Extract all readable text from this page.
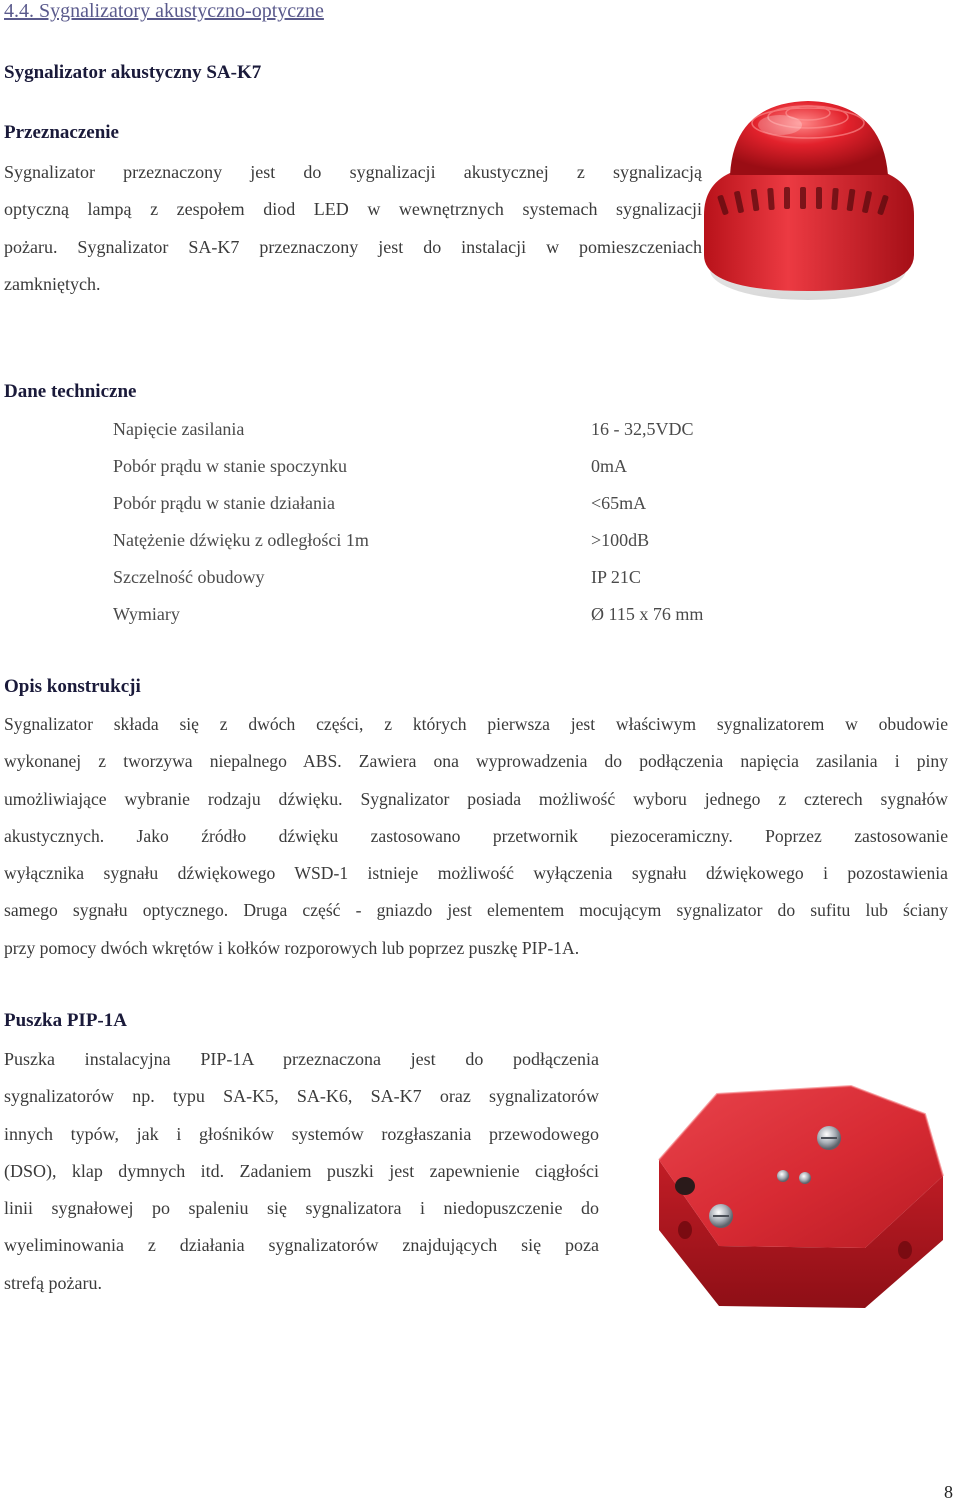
4.4. Sygnalizatory akustyczno-optyczne
Sygnalizator akustyczny SA-K7
Przeznaczenie

Sygnalizator przeznaczony jest do sygnalizacji akustycznej z sygnalizacją

optyczną lampą z zespołem diod LED w wewnętrznych systemach sygnalizacji

pożaru. Sygnalizator SA-K7 przeznaczony jest do instalacji w pomieszczeniach

zamkniętych.

Dane techniczne
Napięcie zasilania	16 - 32,5VDC
Pobór prądu w stanie spoczynku	0mA
Pobór prądu w stanie działania	<65mA
Natężenie dźwięku z odległości 1m	>100dB
Szczelność obudowy	IP 21C
Wymiary	Ø 115 x 76 mm
Opis konstrukcji

Sygnalizator składa się z dwóch części, z których pierwsza jest właściwym sygnalizatorem w obudowie

wykonanej z tworzywa niepalnego ABS. Zawiera ona wyprowadzenia do podłączenia napięcia zasilania i piny

umożliwiające wybranie rodzaju dźwięku. Sygnalizator posiada możliwość wyboru jednego z czterech sygnałów

akustycznych. Jako źródło dźwięku zastosowano przetwornik piezoceramiczny. Poprzez zastosowanie

wyłącznika sygnału dźwiękowego WSD-1 istnieje możliwość wyłączenia sygnału dźwiękowego i pozostawienia

samego sygnału optycznego. Druga część - gniazdo jest elementem mocującym sygnalizator do sufitu lub ściany

przy pomocy dwóch wkrętów i kołków rozporowych lub poprzez puszkę PIP-1A.

Puszka PIP-1A

Puszka instalacyjna PIP-1A przeznaczona jest do podłączenia

sygnalizatorów np. typu SA-K5, SA-K6, SA-K7 oraz sygnalizatorów

innych typów, jak i głośników systemów rozgłaszania przewodowego

(DSO), klap dymnych itd. Zadaniem puszki jest zapewnienie ciągłości

linii sygnałowej po spaleniu się sygnalizatora i niedopuszczenie do

wyeliminowania z działania sygnalizatorów znajdujących się poza

strefą pożaru.

8
